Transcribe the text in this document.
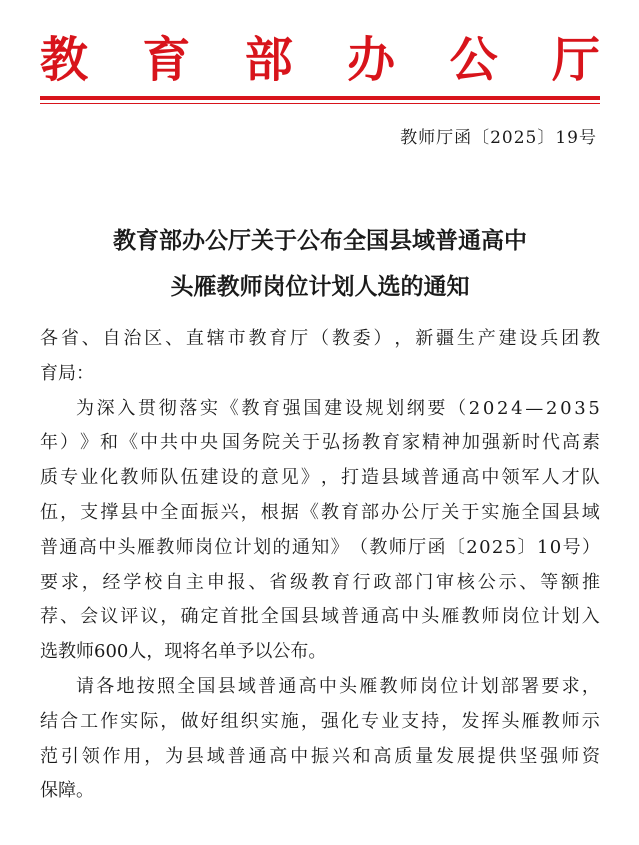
教 育 部 办 公 厅
教师厅函〔2025〕19号
教育部办公厅关于公布全国县域普通高中
头雁教师岗位计划人选的通知
各 省 、 自 治 区 、 直 辖 市 教 育 厅 （ 教 委 ） ， 新 疆 生 产 建 设 兵 团 教
育局：
为 深 入 贯 彻 落 实 《 教 育 强 国 建 设 规 划 纲 要 （ 2 0 2 4 — 2 0 3 5
年 ） 》 和 《 中 共 中 央 国 务 院 关 于 弘 扬 教 育 家 精 神 加 强 新 时 代 高 素
质 专 业 化 教 师 队 伍 建 设 的 意 见 》 ， 打 造 县 域 普 通 高 中 领 军 人 才 队
伍 ， 支 撑 县 中 全 面 振 兴 ， 根 据 《 教 育 部 办 公 厅 关 于 实 施 全 国 县 域
普 通 高 中 头 雁 教 师 岗 位 计 划 的 通 知 》 （ 教 师 厅 函 〔 2 0 2 5 〕 1 0 号 ）
要 求 ， 经 学 校 自 主 申 报 、 省 级 教 育 行 政 部 门 审 核 公 示 、 等 额 推
荐 、 会 议 评 议 ， 确 定 首 批 全 国 县 域 普 通 高 中 头 雁 教 师 岗 位 计 划 入
选教师600人，现将名单予以公布。
请 各 地 按 照 全 国 县 域 普 通 高 中 头 雁 教 师 岗 位 计 划 部 署 要 求 ，
结 合 工 作 实 际 ， 做 好 组 织 实 施 ， 强 化 专 业 支 持 ， 发 挥 头 雁 教 师 示
范 引 领 作 用 ， 为 县 域 普 通 高 中 振 兴 和 高 质 量 发 展 提 供 坚 强 师 资
保障。
